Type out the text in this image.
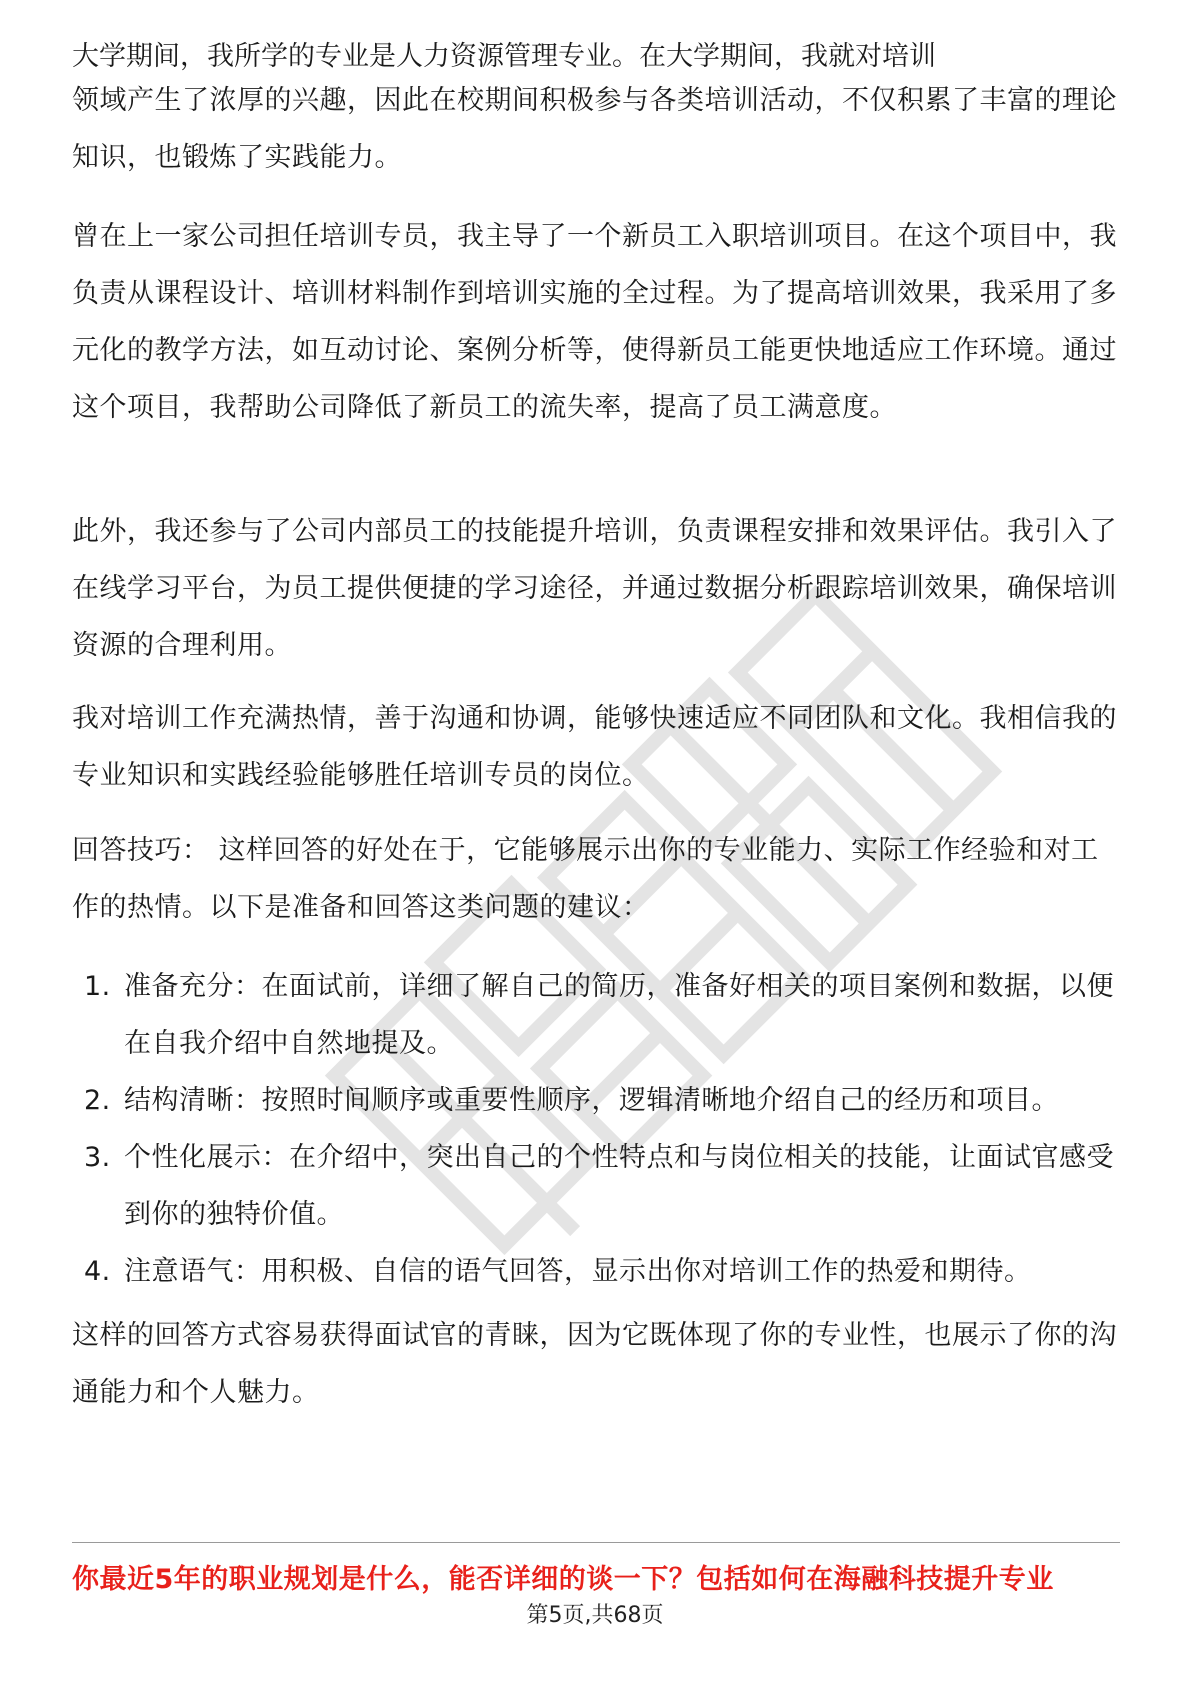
大学期间，我所学的专业是人力资源管理专业。在大学期间，我就对培训

领域产生了浓厚的兴趣，因此在校期间积极参与各类培训活动，不仅积累了丰富的理论知识，也锻炼了实践能力。

曾在上一家公司担任培训专员，我主导了一个新员工入职培训项目。在这个项目中，我负责从课程设计、培训材料制作到培训实施的全过程。为了提高培训效果，我采用了多元化的教学方法，如互动讨论、案例分析等，使得新员工能更快地适应工作环境。通过这个项目，我帮助公司降低了新员工的流失率，提高了员工满意度。

此外，我还参与了公司内部员工的技能提升培训，负责课程安排和效果评估。我引入了在线学习平台，为员工提供便捷的学习途径，并通过数据分析跟踪培训效果，确保培训资源的合理利用。

我对培训工作充满热情，善于沟通和协调，能够快速适应不同团队和文化。我相信我的专业知识和实践经验能够胜任培训专员的岗位。

回答技巧： 这样回答的好处在于，它能够展示出你的专业能力、实际工作经验和对工作的热情。以下是准备和回答这类问题的建议：

1. 准备充分：在面试前，详细了解自己的简历，准备好相关的项目案例和数据，以便在自我介绍中自然地提及。
2. 结构清晰：按照时间顺序或重要性顺序，逻辑清晰地介绍自己的经历和项目。
3. 个性化展示：在介绍中，突出自己的个性特点和与岗位相关的技能，让面试官感受到你的独特价值。
4. 注意语气：用积极、自信的语气回答，显示出你对培训工作的热爱和期待。

这样的回答方式容易获得面试官的青睐，因为它既体现了你的专业性，也展示了你的沟通能力和个人魅力。

你最近5年的职业规划是什么，能否详细的谈一下？包括如何在海融科技提升专业
第5页,共68页
